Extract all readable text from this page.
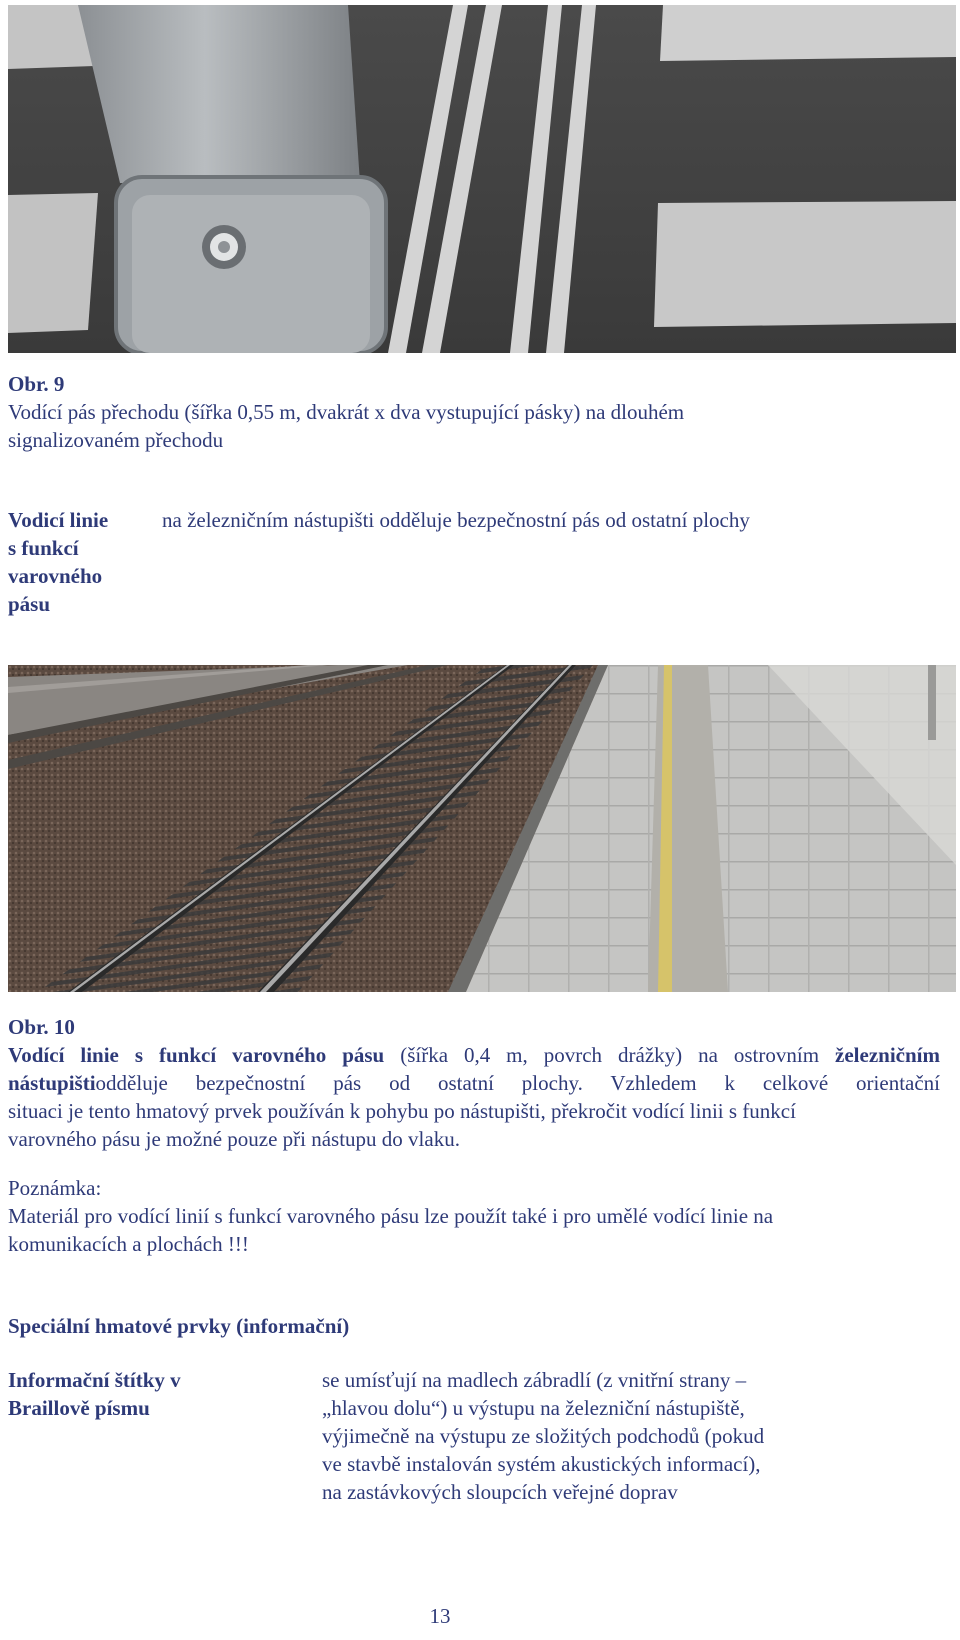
Obr. 9
Vodící pás přechodu (šířka 0,55 m, dvakrát x dva vystupující pásky) na dlouhém
signalizovaném přechodu
Vodicí linie
s funkcí
varovného
pásu
na železničním nástupišti odděluje bezpečnostní pás od ostatní plochy
Obr. 10
Vodící linie s funkcí varovného pásu (šířka 0,4 m, povrch drážky) na ostrovním železničním
nástupišti odděluje bezpečnostní pás od ostatní plochy. Vzhledem k celkové orientační
situaci je tento hmatový prvek používán k pohybu po nástupišti, překročit vodící linii s funkcí
varovného pásu je možné pouze při nástupu do vlaku.
Poznámka:
Materiál pro vodící linií s funkcí varovného pásu lze použít také i pro umělé vodící linie na
komunikacích a plochách !!!
Speciální hmatové prvky (informační)
Informační štítky v
Braillově písmu
se umísťují na madlech zábradlí (z vnitřní strany –
„hlavou dolu“) u výstupu na železniční nástupiště,
výjimečně na výstupu ze složitých podchodů (pokud
ve stavbě instalován systém akustických informací),
na zastávkových sloupcích veřejné doprav
13
